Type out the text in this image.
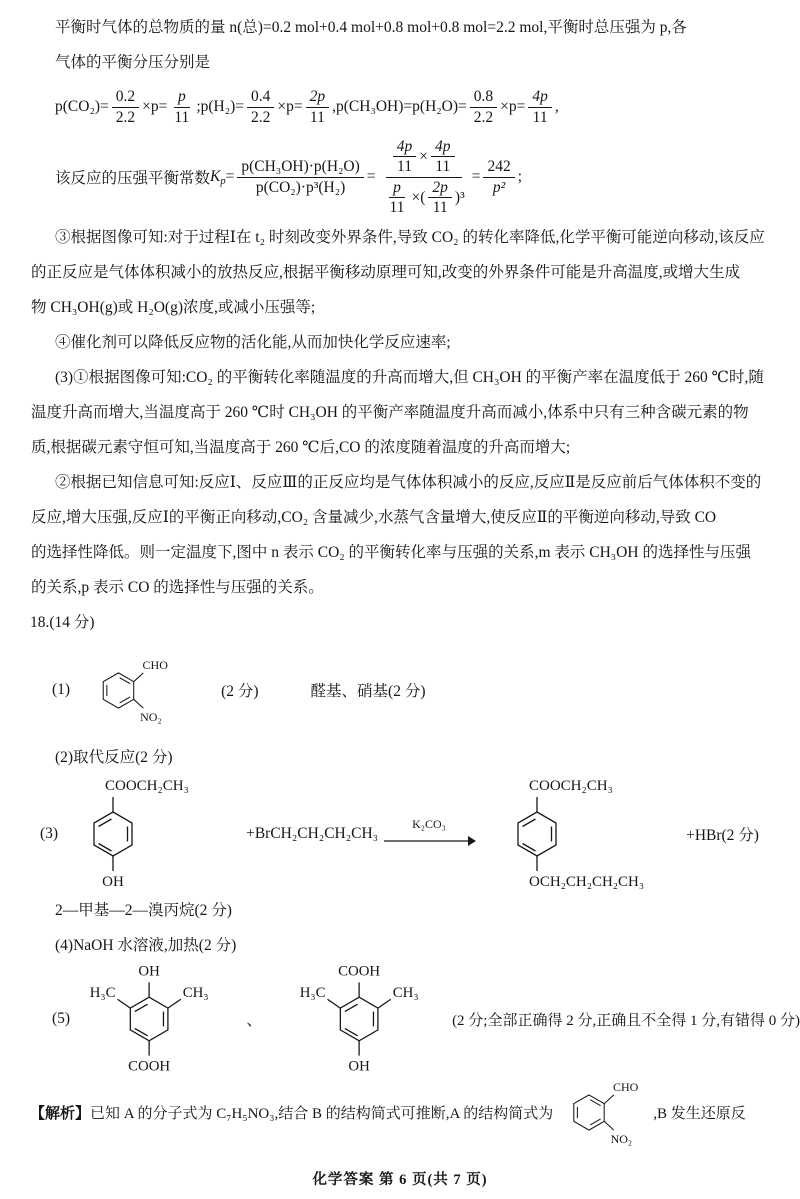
平衡时气体的总物质的量 n(总)=0.2 mol+0.4 mol+0.8 mol+0.8 mol=2.2 mol,平衡时总压强为 p,各
气体的平衡分压分别是
$p(CO_2)= \frac{0.2}{2.2} \times p= \frac{p}{11}$ ;p(H₂)= $\frac{0.4}{2.2} \times p= \frac{2p}{11} ,p(CH_3OH)=p(H_2O)= \frac{0.8}{2.2} \times p= \frac{4p}{11}$ ,
该反应的压强平衡常数 K $p = \frac{\text{p(CH₃OH)·p(H₂O)}}{\text{p(CO₂)·p³(H₂)}} = \frac{\frac{4p}{11} \times \frac{4p}{11}}{\frac{p}{11} \times ( \frac{2p}{11} )^3} = \frac{242}{\text{p²}}$ ;
③根据图像可知:对于过程Ⅰ在 t₂ 时刻改变外界条件,导致 CO₂ 的转化率降低,化学平衡可能逆向移动,该反应
的正反应是气体体积减小的放热反应,根据平衡移动原理可知,改变的外界条件可能是升高温度,或增大生成
物 CH₃OH(g)或 H₂O(g)浓度,或减小压强等;
④催化剂可以降低反应物的活化能,从而加快化学反应速率;
(3)①根据图像可知:CO₂ 的平衡转化率随温度的升高而增大,但 CH₃OH 的平衡产率在温度低于 260 ℃时,随
温度升高而增大,当温度高于 260 ℃时 CH₃OH 的平衡产率随温度升高而减小,体系中只有三种含碳元素的物
质,根据碳元素守恒可知,当温度高于 260 ℃后,CO 的浓度随着温度的升高而增大;
②根据已知信息可知:反应Ⅰ、反应Ⅲ的正反应均是气体体积减小的反应,反应Ⅱ是反应前后气体体积不变的
反应,增大压强,反应Ⅰ的平衡正向移动,CO₂ 含量减少,水蒸气含量增大,使反应Ⅱ的平衡逆向移动,导致 CO
的选择性降低。则一定温度下,图中 n 表示 CO₂ 的平衡转化率与压强的关系,m 表示 CH₃OH 的选择性与压强
的关系,p 表示 CO 的选择性与压强的关系。
18.(14 分)
(1)
CHO
NO₂
(2 分)	醛基、硝基(2 分)
(2)取代反应(2 分)
(3)
COOCH₂CH₃
OH
+BrCH₂CH₂CH₂CH₃
K₂CO₃
COOCH₂CH₃
OCH₂CH₂CH₂CH₃
+HBr(2 分)
2—甲基—2—溴丙烷(2 分)
(4)NaOH 水溶液,加热(2 分)
(5)
OH
H₃C	CH₃
COOH
、
COOH
H₃C	CH₃
OH
(2 分;全部正确得 2 分,正确且不全得 1 分,有错得 0 分)
【解析】 已知 A 的分子式为 C₇H₅NO₃,结合 B 的结构简式可推断,A 的结构简式为
CHO
NO₂
,B 发生还原反
化学答案 第 6 页(共 7 页)
